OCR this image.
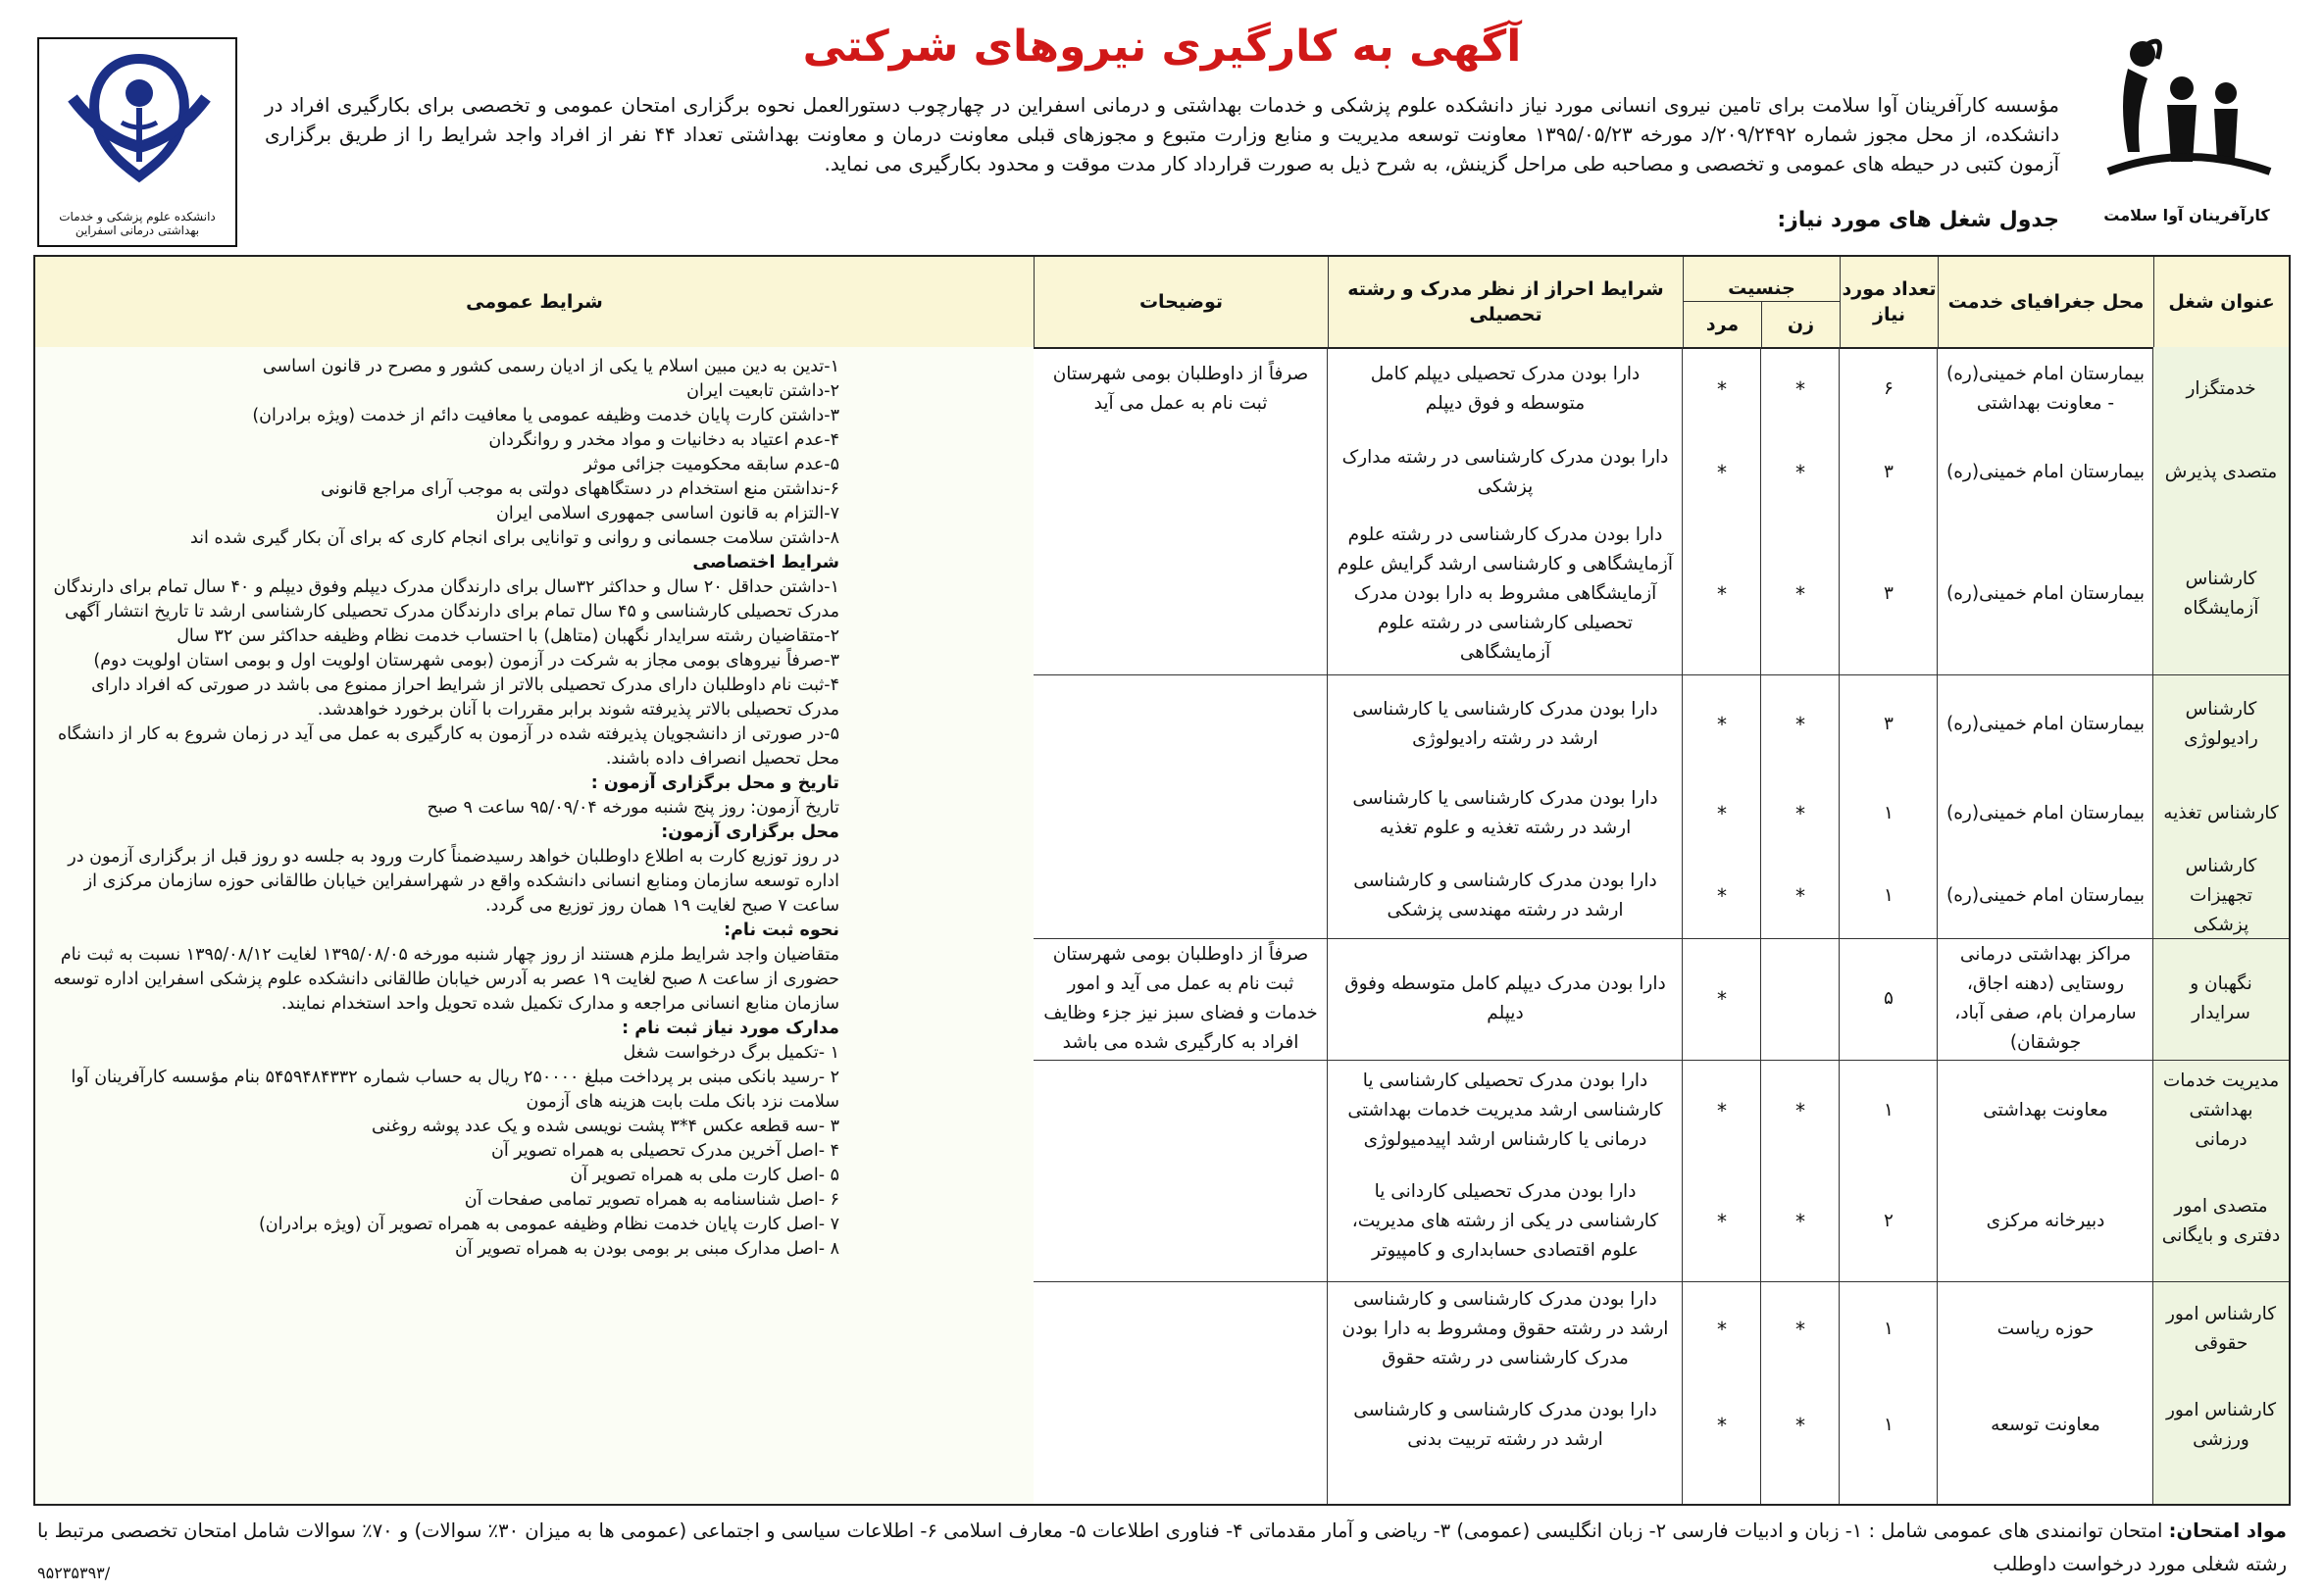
کارآفرینان آوا سلامت
دانشکده علوم پزشکی و خدمات بهداشتی درمانی اسفراین
آگهی به کارگیری نیروهای شرکتی
مؤسسه کارآفرینان آوا سلامت برای تامین نیروی انسانی مورد نیاز دانشکده علوم پزشکی و خدمات بهداشتی و درمانی اسفراین در چهارچوب دستورالعمل نحوه برگزاری امتحان عمومی و تخصصی برای بکارگیری افراد در دانشکده، از محل مجوز شماره ۲۰۹/۲۴۹۲/د مورخه ۱۳۹۵/۰۵/۲۳ معاونت توسعه مدیریت و منابع وزارت متبوع و مجوزهای قبلی معاونت درمان و معاونت بهداشتی تعداد ۴۴ نفر از افراد واجد شرایط را از طریق برگزاری آزمون کتبی در حیطه های عمومی و تخصصی و مصاحبه طی مراحل گزینش، به شرح ذیل به صورت قرارداد کار مدت موقت و محدود بکارگیری می نماید.
جدول شغل های مورد نیاز:
عنوان شغل
محل جغرافیای خدمت
تعداد مورد نیاز
جنسیت
زن
مرد
شرایط احراز از نظر مدرک و رشته تحصیلی
توضیحات
شرایط عمومی
خدمتگزار
بیمارستان امام خمینی(ره) - معاونت بهداشتی
۶
*
*
دارا بودن مدرک تحصیلی دیپلم کامل متوسطه و فوق دیپلم
صرفاً از داوطلبان بومی شهرستان ثبت نام به عمل می آید
متصدی پذیرش
بیمارستان امام خمینی(ره)
۳
*
*
دارا بودن مدرک کارشناسی در رشته مدارک پزشکی
کارشناس آزمایشگاه
بیمارستان امام خمینی(ره)
۳
*
*
دارا بودن مدرک کارشناسی در رشته علوم آزمایشگاهی و کارشناسی ارشد گرایش علوم آزمایشگاهی مشروط به دارا بودن مدرک تحصیلی کارشناسی در رشته علوم آزمایشگاهی
کارشناس رادیولوژی
بیمارستان امام خمینی(ره)
۳
*
*
دارا بودن مدرک کارشناسی یا کارشناسی ارشد در رشته رادیولوژی
کارشناس تغذیه
بیمارستان امام خمینی(ره)
۱
*
*
دارا بودن مدرک کارشناسی یا کارشناسی ارشد در رشته تغذیه و علوم تغذیه
کارشناس تجهیزات پزشکی
بیمارستان امام خمینی(ره)
۱
*
*
دارا بودن مدرک کارشناسی و کارشناسی ارشد در رشته مهندسی پزشکی
نگهبان و سرایدار
مراکز بهداشتی درمانی روستایی (دهنه اجاق، سارمران بام، صفی آباد، جوشقان)
۵
*
دارا بودن مدرک دیپلم کامل متوسطه وفوق دیپلم
صرفاً از داوطلبان بومی شهرستان ثبت نام به عمل می آید و امور خدمات و فضای سبز نیز جزء وظایف افراد به کارگیری شده می باشد
مدیریت خدمات بهداشتی درمانی
معاونت بهداشتی
۱
*
*
دارا بودن مدرک تحصیلی کارشناسی یا کارشناسی ارشد مدیریت خدمات بهداشتی درمانی یا کارشناس ارشد اپیدمیولوژی
متصدی امور دفتری و بایگانی
دبیرخانه مرکزی
۲
*
*
دارا بودن مدرک تحصیلی کاردانی یا کارشناسی در یکی از رشته های مدیریت، علوم اقتصادی حسابداری و کامپیوتر
کارشناس امور حقوقی
حوزه ریاست
۱
*
*
دارا بودن مدرک کارشناسی و کارشناسی ارشد در رشته حقوق ومشروط به دارا بودن مدرک کارشناسی در رشته حقوق
کارشناس امور ورزشی
معاونت توسعه
۱
*
*
دارا بودن مدرک کارشناسی و کارشناسی ارشد در رشته تربیت بدنی
۱-تدین به دین مبین اسلام یا یکی از ادیان رسمی کشور و مصرح در قانون اساسی
۲-داشتن تابعیت ایران
۳-داشتن کارت پایان خدمت وظیفه عمومی یا معافیت دائم از خدمت (ویژه برادران)
۴-عدم اعتیاد به دخانیات و مواد مخدر و روانگردان
۵-عدم سابقه محکومیت جزائی موثر
۶-نداشتن منع استخدام در دستگاههای دولتی به موجب آرای مراجع قانونی
۷-التزام به قانون اساسی جمهوری اسلامی ایران
۸-داشتن سلامت جسمانی و روانی و توانایی برای انجام کاری که برای آن بکار گیری شده اند
شرایط اختصاصی
۱-داشتن حداقل ۲۰ سال و حداکثر ۳۲سال برای دارندگان مدرک دیپلم وفوق دیپلم و ۴۰ سال تمام برای دارندگان مدرک تحصیلی کارشناسی و ۴۵ سال تمام برای دارندگان مدرک تحصیلی کارشناسی ارشد تا تاریخ انتشار آگهی
۲-متقاضیان رشته سرایدار نگهبان (متاهل) با احتساب خدمت نظام وظیفه حداکثر سن ۳۲ سال
۳-صرفاً نیروهای بومی مجاز به شرکت در آزمون (بومی شهرستان اولویت اول و بومی استان اولویت دوم)
۴-ثبت نام داوطلبان دارای مدرک تحصیلی بالاتر از شرایط احراز ممنوع می باشد در صورتی که افراد دارای مدرک تحصیلی بالاتر پذیرفته شوند برابر مقررات با آنان برخورد خواهدشد.
۵-در صورتی از دانشجویان پذیرفته شده در آزمون به کارگیری به عمل می آید در زمان شروع به کار از دانشگاه محل تحصیل انصراف داده باشند.
تاریخ و محل برگزاری آزمون :
تاریخ آزمون: روز پنج شنبه مورخه ۹۵/۰۹/۰۴ ساعت ۹ صبح
محل برگزاری آزمون:
در روز توزیع کارت به اطلاع داوطلبان خواهد رسیدضمناً کارت ورود به جلسه دو روز قبل از برگزاری آزمون در اداره توسعه سازمان ومنابع انسانی دانشکده واقع در شهراسفراین خیابان طالقانی حوزه سازمان مرکزی از ساعت ۷ صبح لغایت ۱۹ همان روز توزیع می گردد.
نحوه ثبت نام:
متقاضیان واجد شرایط ملزم هستند از روز چهار شنبه مورخه ۱۳۹۵/۰۸/۰۵ لغایت ۱۳۹۵/۰۸/۱۲ نسبت به ثبت نام حضوری از ساعت ۸ صبح لغایت ۱۹ عصر به آدرس خیابان طالقانی دانشکده علوم پزشکی اسفراین اداره توسعه سازمان منابع انسانی مراجعه و مدارک تکمیل شده تحویل واحد استخدام نمایند.
مدارک مورد نیاز ثبت نام :
۱ -تکمیل برگ درخواست شغل
۲ -رسید بانکی مبنی بر پرداخت مبلغ ۲۵۰۰۰۰ ریال به حساب شماره ۵۴۵۹۴۸۴۳۳۲ بنام مؤسسه کارآفرینان آوا سلامت نزد بانک ملت بابت هزینه های آزمون
۳ -سه قطعه عکس ۴*۳ پشت نویسی شده و یک عدد پوشه روغنی
۴ -اصل آخرین مدرک تحصیلی به همراه تصویر آن
۵ -اصل کارت ملی به همراه تصویر آن
۶ -اصل شناسنامه به همراه تصویر تمامی صفحات آن
۷ -اصل کارت پایان خدمت نظام وظیفه عمومی به همراه تصویر آن (ویژه برادران)
۸ -اصل مدارک مبنی بر بومی بودن به همراه تصویر آن
مواد امتحان: امتحان توانمندی های عمومی شامل : ۱- زبان و ادبیات فارسی ۲- زبان انگلیسی (عمومی) ۳- ریاضی و آمار مقدماتی ۴- فناوری اطلاعات ۵- معارف اسلامی ۶- اطلاعات سیاسی و اجتماعی (عمومی ها به میزان ۳۰٪ سوالات) و ۷۰٪ سوالات شامل امتحان تخصصی مرتبط با رشته شغلی مورد درخواست داوطلب
۹۵۲۳۵۳۹۳/
